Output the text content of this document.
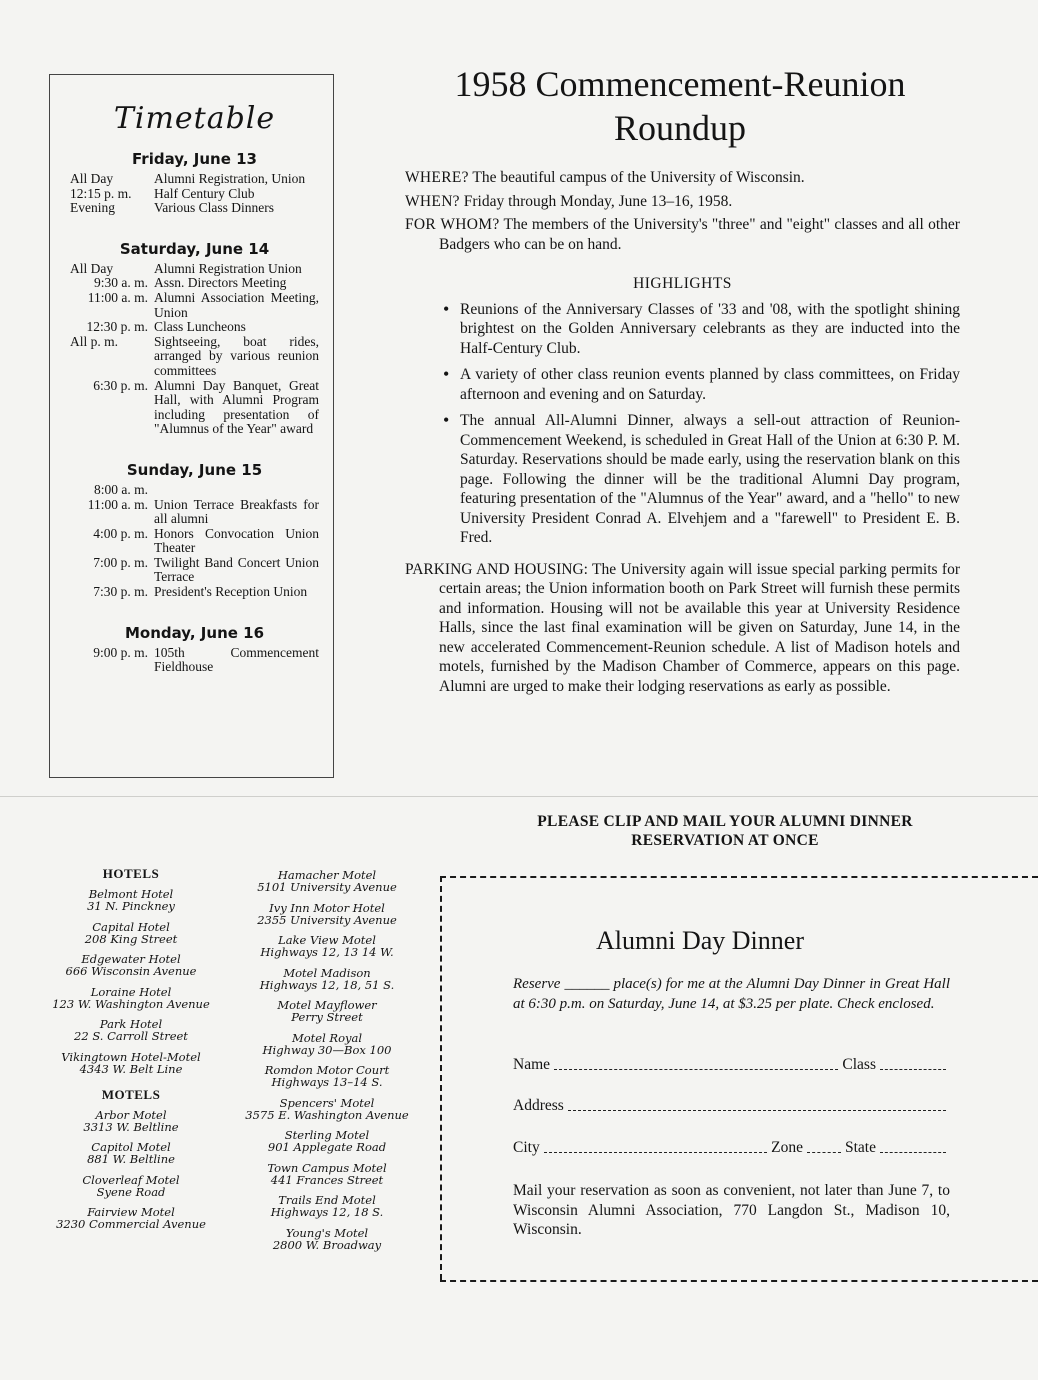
Timetable
Friday, June 13
All Day	Alumni Registration, Union
12:15 p. m.	Half Century Club
Evening	Various Class Dinners
Saturday, June 14
All Day	Alumni Registration Union
9:30 a. m. Assn. Directors Meeting
11:00 a. m. Alumni Association Meeting, Union
12:30 p. m. Class Luncheons
All p. m.	Sightseeing, boat rides, arranged by various reunion committees
6:30 p. m. Alumni Day Banquet, Great Hall, with Alumni Program including presentation of "Alumnus of the Year" award
Sunday, June 15
8:00 a. m.
11:00 a. m. Union Terrace Breakfasts for all alumni
4:00 p. m. Honors Convocation Union Theater
7:00 p. m. Twilight Band Concert Union Terrace
7:30 p. m. President's Reception Union
Monday, June 16
9:00 p. m. 105th Commencement Fieldhouse
1958 Commencement-Reunion
Roundup

WHERE? The beautiful campus of the University of Wisconsin.

WHEN? Friday through Monday, June 13–16, 1958.

FOR WHOM? The members of the University's "three" and "eight" classes and all other Badgers who can be on hand.

HIGHLIGHTS
• Reunions of the Anniversary Classes of '33 and '08, with the spotlight shining brightest on the Golden Anniversary celebrants as they are inducted into the Half-Century Club.
• A variety of other class reunion events planned by class committees, on Friday afternoon and evening and on Saturday.
• The annual All-Alumni Dinner, always a sell-out attraction of Reunion-Commencement Weekend, is scheduled in Great Hall of the Union at 6:30 P. M. Saturday. Reservations should be made early, using the reservation blank on this page. Following the dinner will be the traditional Alumni Day program, featuring presentation of the "Alumnus of the Year" award, and a "hello" to new University President Conrad A. Elvehjem and a "farewell" to President E. B. Fred.

PARKING AND HOUSING: The University again will issue special parking permits for certain areas; the Union information booth on Park Street will furnish these permits and information. Housing will not be available this year at University Residence Halls, since the last final examination will be given on Saturday, June 14, in the new accelerated Commencement-Reunion schedule. A list of Madison hotels and motels, furnished by the Madison Chamber of Commerce, appears on this page. Alumni are urged to make their lodging reservations as early as possible.

HOTELS
Belmont Hotel
31 N. Pinckney
Capital Hotel
208 King Street
Edgewater Hotel
666 Wisconsin Avenue
Loraine Hotel
123 W. Washington Avenue
Park Hotel
22 S. Carroll Street
Vikingtown Hotel-Motel
4343 W. Belt Line
MOTELS
Arbor Motel
3313 W. Beltline
Capitol Motel
881 W. Beltline
Cloverleaf Motel
Syene Road
Fairview Motel
3230 Commercial Avenue
Hamacher Motel
5101 University Avenue
Ivy Inn Motor Hotel
2355 University Avenue
Lake View Motel
Highways 12, 13 14 W.
Motel Madison
Highways 12, 18, 51 S.
Motel Mayflower
Perry Street
Motel Royal
Highway 30—Box 100
Romdon Motor Court
Highways 13–14 S.
Spencers' Motel
3575 E. Washington Avenue
Sterling Motel
901 Applegate Road
Town Campus Motel
441 Frances Street
Trails End Motel
Highways 12, 18 S.
Young's Motel
2800 W. Broadway
PLEASE CLIP AND MAIL YOUR ALUMNI DINNER
RESERVATION AT ONCE
Alumni Day Dinner
Reserve ______ place(s) for me at the Alumni Day Dinner in Great Hall at 6:30 p.m. on Saturday, June 14, at $3.25 per plate. Check enclosed.
Name	Class
Address
City	Zone	State
Mail your reservation as soon as convenient, not later than June 7, to Wisconsin Alumni Association, 770 Langdon St., Madison 10, Wisconsin.
